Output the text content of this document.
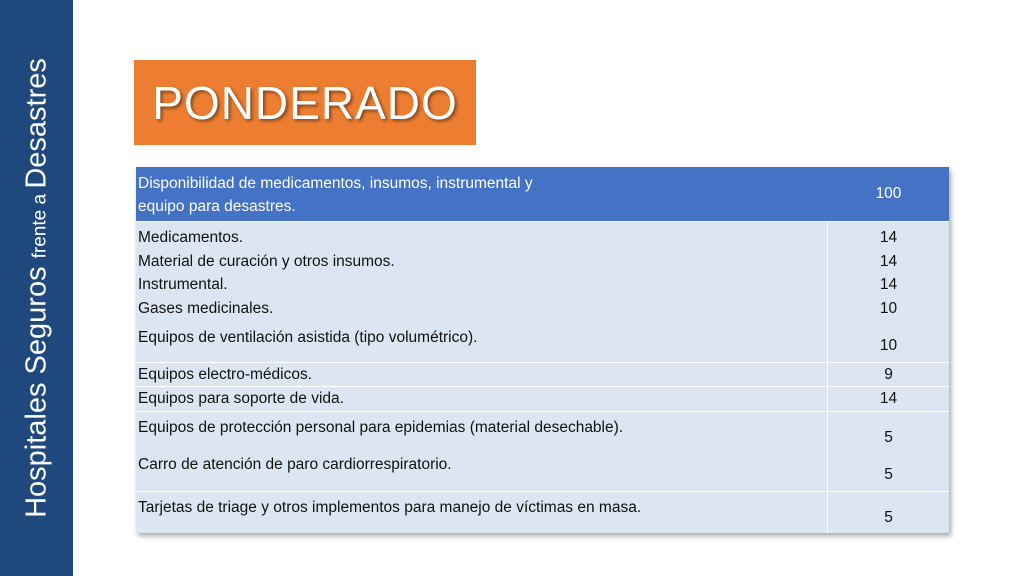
Hospitales Seguros frente a Desastres PONDERADO
Disponibilidad de medicamentos, insumos, instrumental y
equipo para desastres.
100
Medicamentos.
Material de curación y otros insumos.
Instrumental.
Gases medicinales.
Equipos de ventilación asistida (tipo volumétrico).
14
14
14
10
10
Equipos electro-médicos.	9
Equipos para soporte de vida.	14
Equipos de protección personal para epidemias (material desechable).
Carro de atención de paro cardiorrespiratorio.
5
5
Tarjetas de triage y otros implementos para manejo de víctimas en masa.
5
